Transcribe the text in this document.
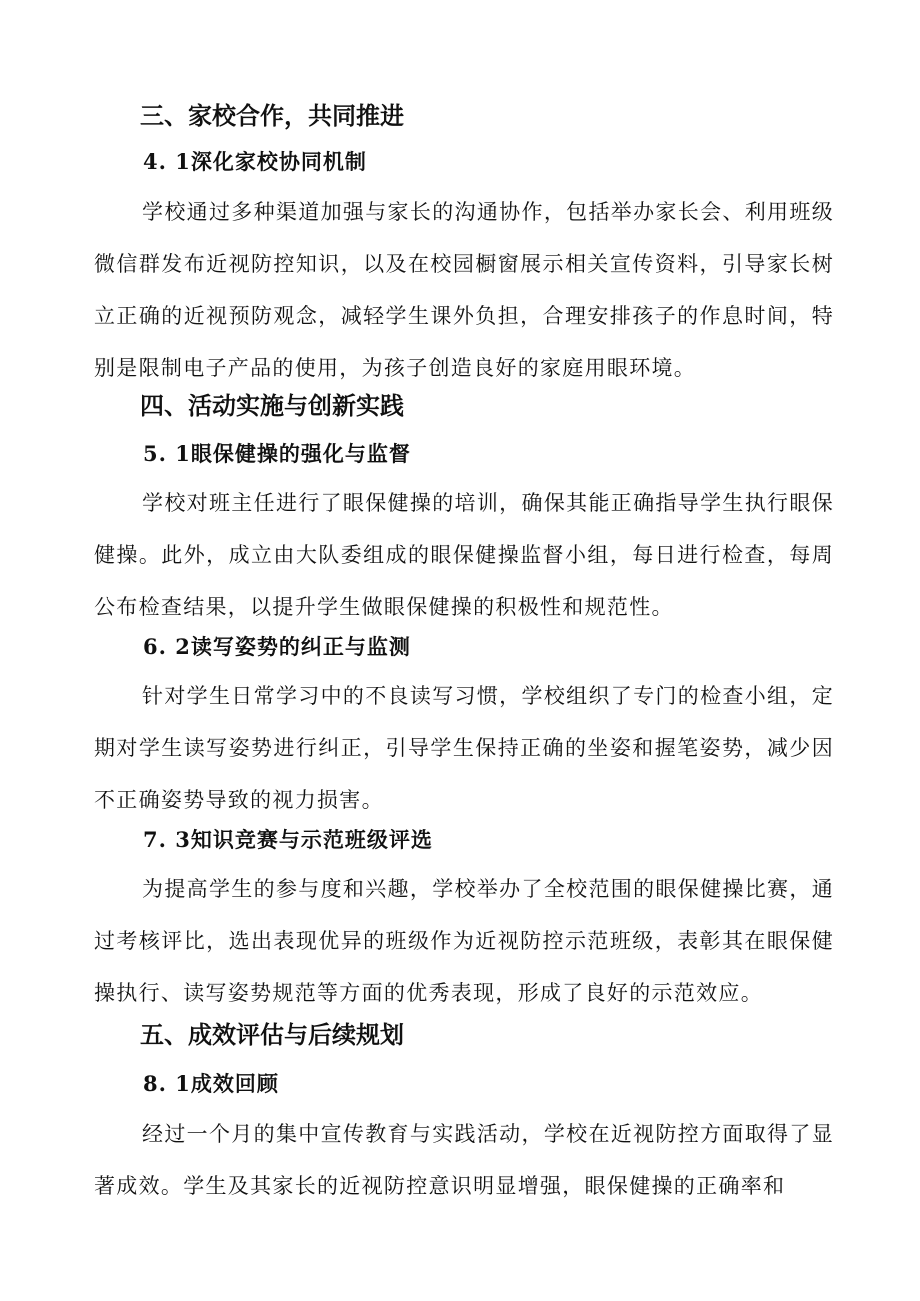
三、家校合作，共同推进
4. 1深化家校协同机制

学校通过多种渠道加强与家长的沟通协作，包括举办家长会、利用班级微信群发布近视防控知识，以及在校园橱窗展示相关宣传资料，引导家长树立正确的近视预防观念，减轻学生课外负担，合理安排孩子的作息时间，特别是限制电子产品的使用，为孩子创造良好的家庭用眼环境。

四、活动实施与创新实践
5. 1眼保健操的强化与监督

学校对班主任进行了眼保健操的培训，确保其能正确指导学生执行眼保健操。此外，成立由大队委组成的眼保健操监督小组，每日进行检查，每周公布检查结果，以提升学生做眼保健操的积极性和规范性。

6. 2读写姿势的纠正与监测

针对学生日常学习中的不良读写习惯，学校组织了专门的检查小组，定期对学生读写姿势进行纠正，引导学生保持正确的坐姿和握笔姿势，减少因不正确姿势导致的视力损害。

7. 3知识竞赛与示范班级评选

为提高学生的参与度和兴趣，学校举办了全校范围的眼保健操比赛，通过考核评比，选出表现优异的班级作为近视防控示范班级，表彰其在眼保健操执行、读写姿势规范等方面的优秀表现，形成了良好的示范效应。

五、成效评估与后续规划
8. 1成效回顾

经过一个月的集中宣传教育与实践活动，学校在近视防控方面取得了显著成效。学生及其家长的近视防控意识明显增强，眼保健操的正确率和
